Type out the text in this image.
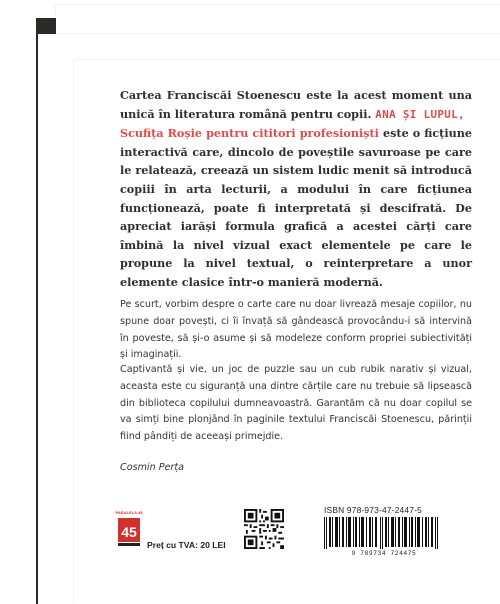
Cartea Franciscăi Stoenescu este la acest moment una unică în literatura română pentru copii. ANA ȘI LUPUL,
Scufița Roșie pentru cititori profesioniști este o ficțiune interactivă care, dincolo de poveștile savuroase pe care le relatează, creează un sistem ludic menit să introducă copiii în arta lecturii, a modului în care ficțiunea funcționează, poate fi interpretată și descifrată. De apreciat iarăși formula grafică a acestei cărți care îmbină la nivel vizual exact elementele pe care le propune la nivel textual, o reinterpretare a unor elemente clasice într-o manieră modernă.

Pe scurt, vorbim despre o carte care nu doar livrează mesaje copiilor, nu spune doar povești, ci îi învață să gândească provocându-i să intervină în poveste, să și-o asume și să modeleze conform propriei subiectivități și imaginații.

Captivantă și vie, un joc de puzzle sau un cub rubik narativ și vizual, aceasta este cu siguranță una dintre cărțile care nu trebuie să lipsească din biblioteca copilului dumneavoastră. Garantăm că nu doar copilul se va simți bine plonjând în paginile textului Franciscăi Stoenescu, părinții fiind pândiți de aceeași primejdie.

Cosmin Perța
PARALELA 45
45
Preț cu TVA: 20 LEI
ISBN 978-973-47-2447-5
9 789734 724475
